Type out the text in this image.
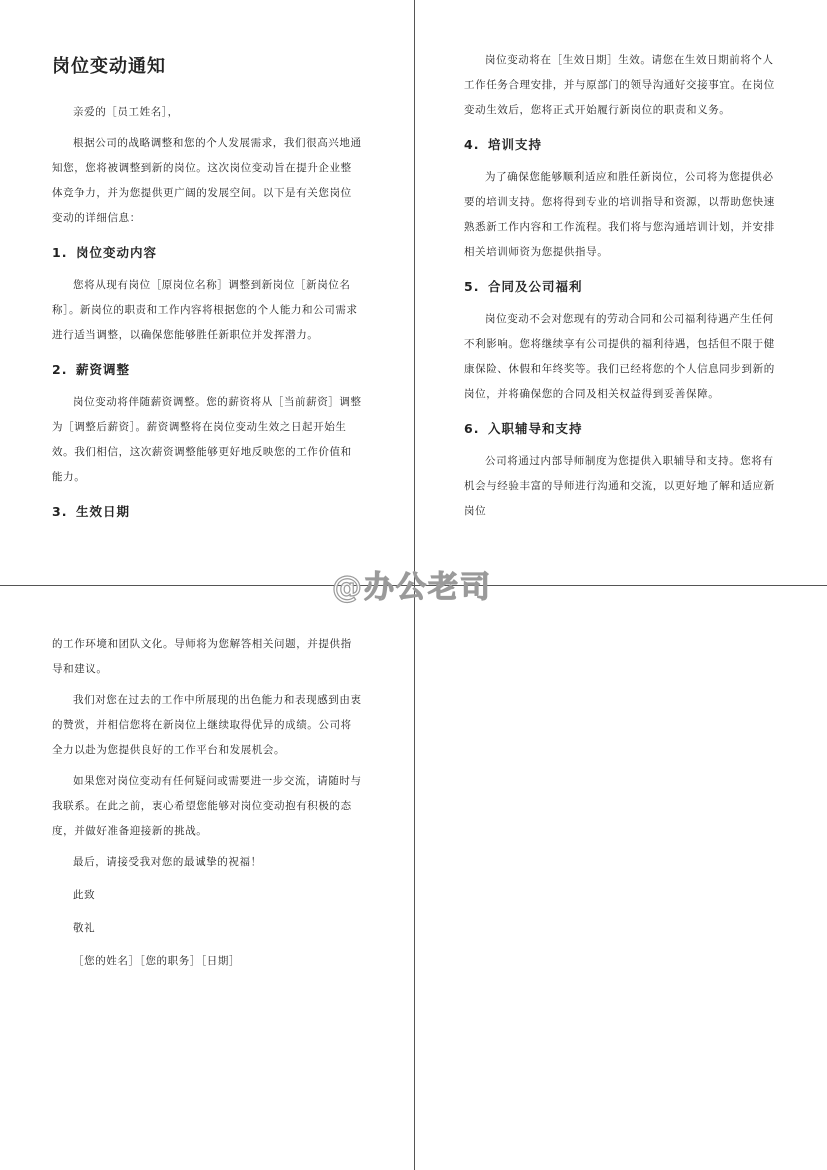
岗位变动通知

亲爱的［员工姓名］，

根据公司的战略调整和您的个人发展需求，我们很高兴地通知您，您将被调整到新的岗位。这次岗位变动旨在提升企业整体竞争力，并为您提供更广阔的发展空间。以下是有关您岗位变动的详细信息：

1. 岗位变动内容

您将从现有岗位［原岗位名称］调整到新岗位［新岗位名称］。新岗位的职责和工作内容将根据您的个人能力和公司需求进行适当调整，以确保您能够胜任新职位并发挥潜力。

2. 薪资调整

岗位变动将伴随薪资调整。您的薪资将从［当前薪资］调整为［调整后薪资］。薪资调整将在岗位变动生效之日起开始生效。我们相信，这次薪资调整能够更好地反映您的工作价值和能力。

3. 生效日期

岗位变动将在［生效日期］生效。请您在生效日期前将个人工作任务合理安排，并与原部门的领导沟通好交接事宜。在岗位变动生效后，您将正式开始履行新岗位的职责和义务。

4. 培训支持

为了确保您能够顺利适应和胜任新岗位，公司将为您提供必要的培训支持。您将得到专业的培训指导和资源，以帮助您快速熟悉新工作内容和工作流程。我们将与您沟通培训计划，并安排相关培训师资为您提供指导。

5. 合同及公司福利

岗位变动不会对您现有的劳动合同和公司福利待遇产生任何不利影响。您将继续享有公司提供的福利待遇，包括但不限于健康保险、休假和年终奖等。我们已经将您的个人信息同步到新的岗位，并将确保您的合同及相关权益得到妥善保障。

6. 入职辅导和支持

公司将通过内部导师制度为您提供入职辅导和支持。您将有机会与经验丰富的导师进行沟通和交流，以更好地了解和适应新岗位

的工作环境和团队文化。导师将为您解答相关问题，并提供指导和建议。

我们对您在过去的工作中所展现的出色能力和表现感到由衷的赞赏，并相信您将在新岗位上继续取得优异的成绩。公司将全力以赴为您提供良好的工作平台和发展机会。

如果您对岗位变动有任何疑问或需要进一步交流，请随时与我联系。在此之前，衷心希望您能够对岗位变动抱有积极的态度，并做好准备迎接新的挑战。

最后，请接受我对您的最诚挚的祝福！

此致

敬礼

［您的姓名］［您的职务］［日期］

@办公老司
